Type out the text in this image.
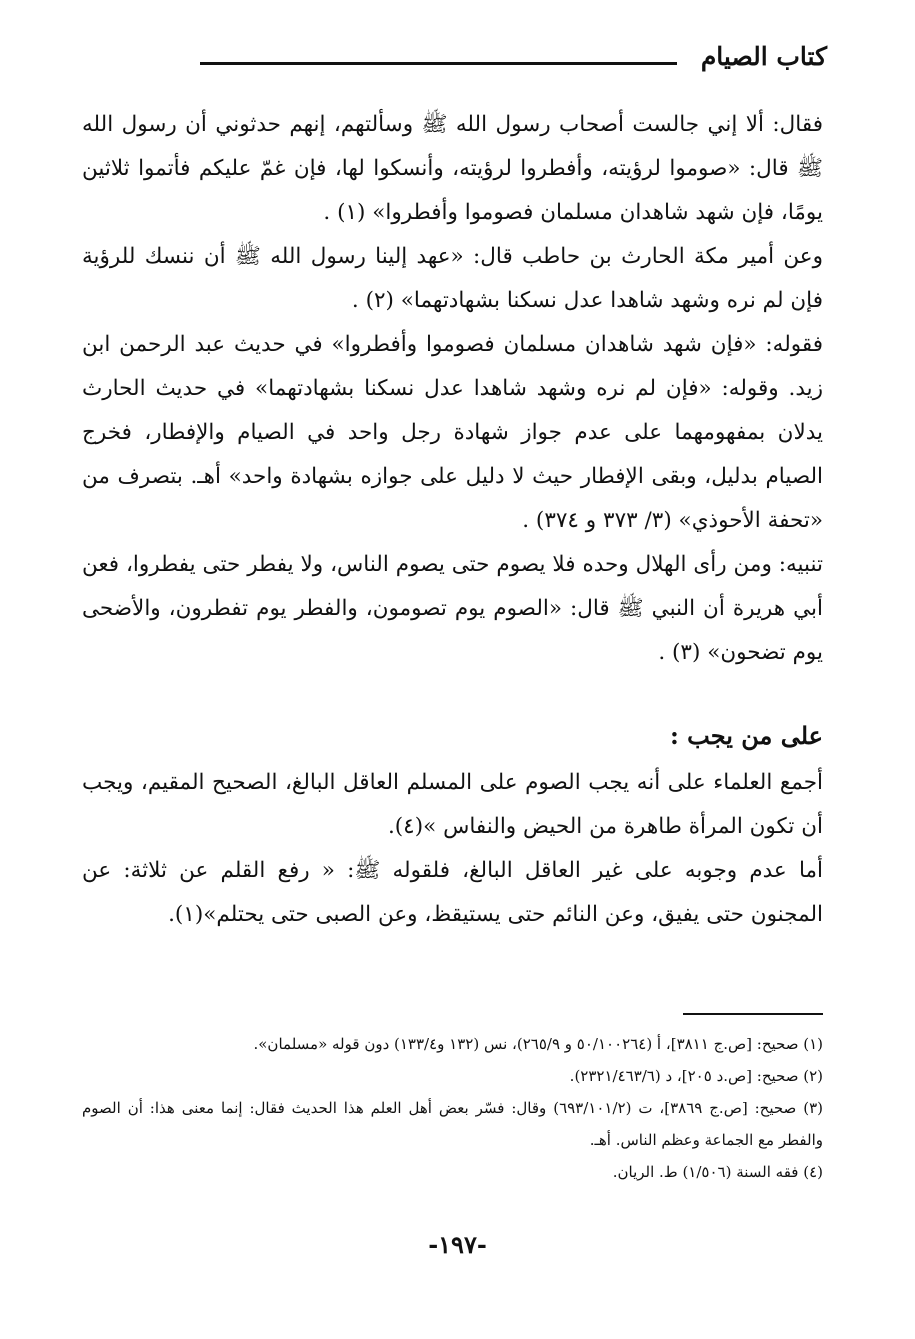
كتاب الصيام

فقال: ألا إني جالست أصحاب رسول الله ﷺ وسألتهم، إنهم حدثوني أن رسول الله ﷺ قال: «صوموا لرؤيته، وأفطروا لرؤيته، وأنسكوا لها، فإن غمّ عليكم فأتموا ثلاثين يومًا، فإن شهد شاهدان مسلمان فصوموا وأفطروا» (١) .

وعن أمير مكة الحارث بن حاطب قال: «عهد إلينا رسول الله ﷺ أن ننسك للرؤية فإن لم نره وشهد شاهدا عدل نسكنا بشهادتهما» (٢) .

فقوله: «فإن شهد شاهدان مسلمان فصوموا وأفطروا» في حديث عبد الرحمن ابن زيد. وقوله: «فإن لم نره وشهد شاهدا عدل نسكنا بشهادتهما» في حديث الحارث يدلان بمفهومهما على عدم جواز شهادة رجل واحد في الصيام والإفطار، فخرج الصيام بدليل، وبقى الإفطار حيث لا دليل على جوازه بشهادة واحد» أهـ. بتصرف من «تحفة الأحوذي» (٣/ ٣٧٣ و ٣٧٤) .

تنبيه: ومن رأى الهلال وحده فلا يصوم حتى يصوم الناس، ولا يفطر حتى يفطروا، فعن أبي هريرة أن النبي ﷺ قال: «الصوم يوم تصومون، والفطر يوم تفطرون، والأضحى يوم تضحون» (٣) .

على من يجب :

أجمع العلماء على أنه يجب الصوم على المسلم العاقل البالغ، الصحيح المقيم، ويجب أن تكون المرأة طاهرة من الحيض والنفاس »(٤).

أما عدم وجوبه على غير العاقل البالغ، فلقوله ﷺ: « رفع القلم عن ثلاثة: عن المجنون حتى يفيق، وعن النائم حتى يستيقظ، وعن الصبى حتى يحتلم»(١).

(١) صحيح: [ص.ج ٣٨١١]، أ (٥٠/١٠٠٢٦٤ و ٢٦٥/٩)، نس (١٣٢ و١٣٣/٤) دون قوله «مسلمان».

(٢) صحيح: [ص.د ٢٠٥]، د (٢٣٢١/٤٦٣/٦).

(٣) صحيح: [ص.ج ٣٨٦٩]، ت (٦٩٣/١٠١/٢) وقال: فسّر بعض أهل العلم هذا الحديث فقال: إنما معنى هذا: أن الصوم والفطر مع الجماعة وعظم الناس. أهـ.

(٤) فقه السنة (١/٥٠٦) ط. الريان.

-١٩٧-
